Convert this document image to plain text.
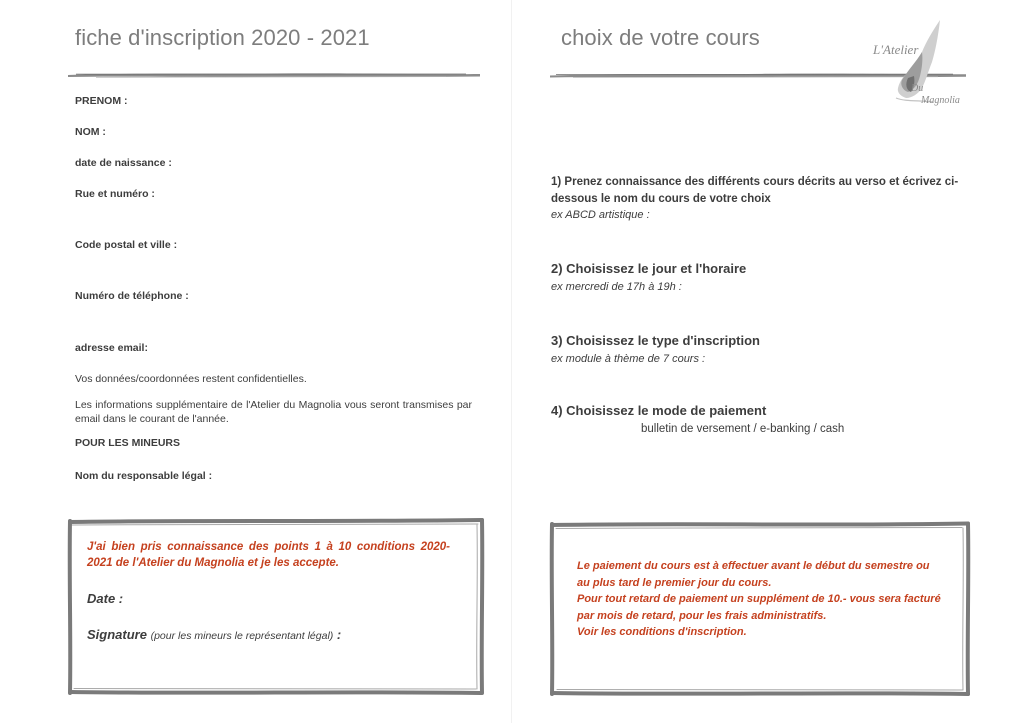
fiche d'inscription 2020 - 2021
PRENOM :
NOM :
date de naissance :
Rue et numéro :
Code postal et ville :
Numéro de téléphone :
adresse email:

Vos données/coordonnées restent confidentielles.

Les informations supplémentaire de l'Atelier du Magnolia vous seront transmises par email dans le courant de l'année.

POUR LES MINEURS
Nom du responsable légal :

J'ai bien pris connaissance des points 1 à 10 conditions 2020-2021 de l'Atelier du Magnolia et je les accepte.

Date :
Signature (pour les mineurs le représentant légal) :
choix de votre cours	L'Atelier
Du
Magnolia

1) Prenez connaissance des différents cours décrits au verso et écrivez ci-dessous le nom du cours de votre choix

ex ABCD artistique :

2) Choisissez le jour et l'horaire

ex mercredi de 17h à 19h :

3) Choisissez le type d'inscription

ex module à thème de 7 cours :

4) Choisissez le mode de paiement

bulletin de versement / e-banking / cash

Le paiement du cours est à effectuer avant le début du semestre ou au plus tard le premier jour du cours.
Pour tout retard de paiement un supplément de 10.- vous sera facturé par mois de retard, pour les frais administratifs.
Voir les conditions d'inscription.
